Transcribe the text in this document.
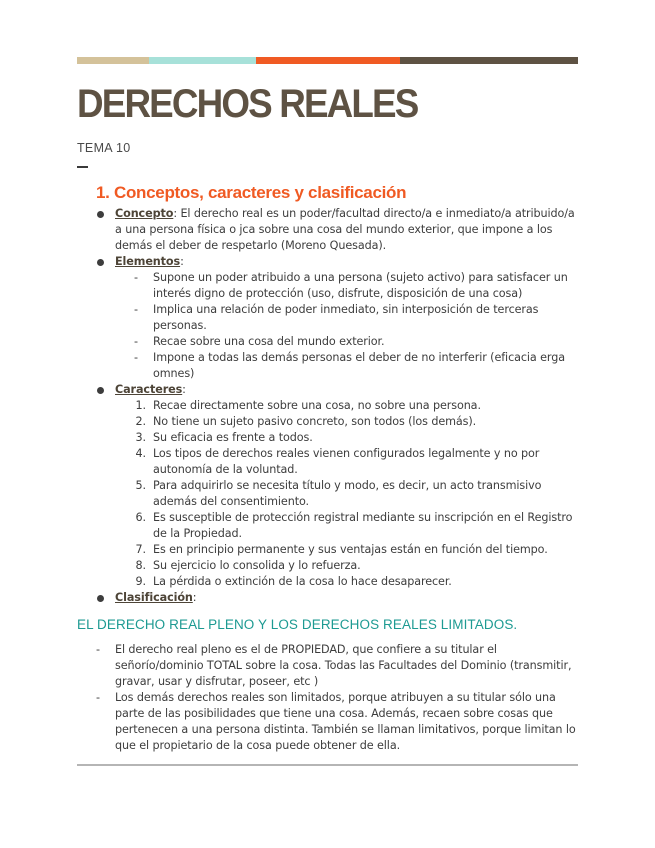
DERECHOS REALES
TEMA 10
1. Conceptos, caracteres y clasificación
Concepto: El derecho real es un poder/facultad directo/a e inmediato/a atribuido/a
a una persona física o jca sobre una cosa del mundo exterior, que impone a los
demás el deber de respetarlo (Moreno Quesada).
Elementos:
- Supone un poder atribuido a una persona (sujeto activo) para satisfacer un
interés digno de protección (uso, disfrute, disposición de una cosa)
- Implica una relación de poder inmediato, sin interposición de terceras
personas.
- Recae sobre una cosa del mundo exterior.
- Impone a todas las demás personas el deber de no interferir (eficacia erga
omnes)
Caracteres:
1. Recae directamente sobre una cosa, no sobre una persona.
2. No tiene un sujeto pasivo concreto, son todos (los demás).
3. Su eficacia es frente a todos.
4. Los tipos de derechos reales vienen configurados legalmente y no por
autonomía de la voluntad.
5. Para adquirirlo se necesita título y modo, es decir, un acto transmisivo
además del consentimiento.
6. Es susceptible de protección registral mediante su inscripción en el Registro
de la Propiedad.
7. Es en principio permanente y sus ventajas están en función del tiempo.
8. Su ejercicio lo consolida y lo refuerza.
9. La pérdida o extinción de la cosa lo hace desaparecer.
Clasificación:
EL DERECHO REAL PLENO Y LOS DERECHOS REALES LIMITADOS.
- El derecho real pleno es el de PROPIEDAD, que confiere a su titular el
señorío/dominio TOTAL sobre la cosa. Todas las Facultades del Dominio (transmitir,
gravar, usar y disfrutar, poseer, etc )
- Los demás derechos reales son limitados, porque atribuyen a su titular sólo una
parte de las posibilidades que tiene una cosa. Además, recaen sobre cosas que
pertenecen a una persona distinta. También se llaman limitativos, porque limitan lo
que el propietario de la cosa puede obtener de ella.
